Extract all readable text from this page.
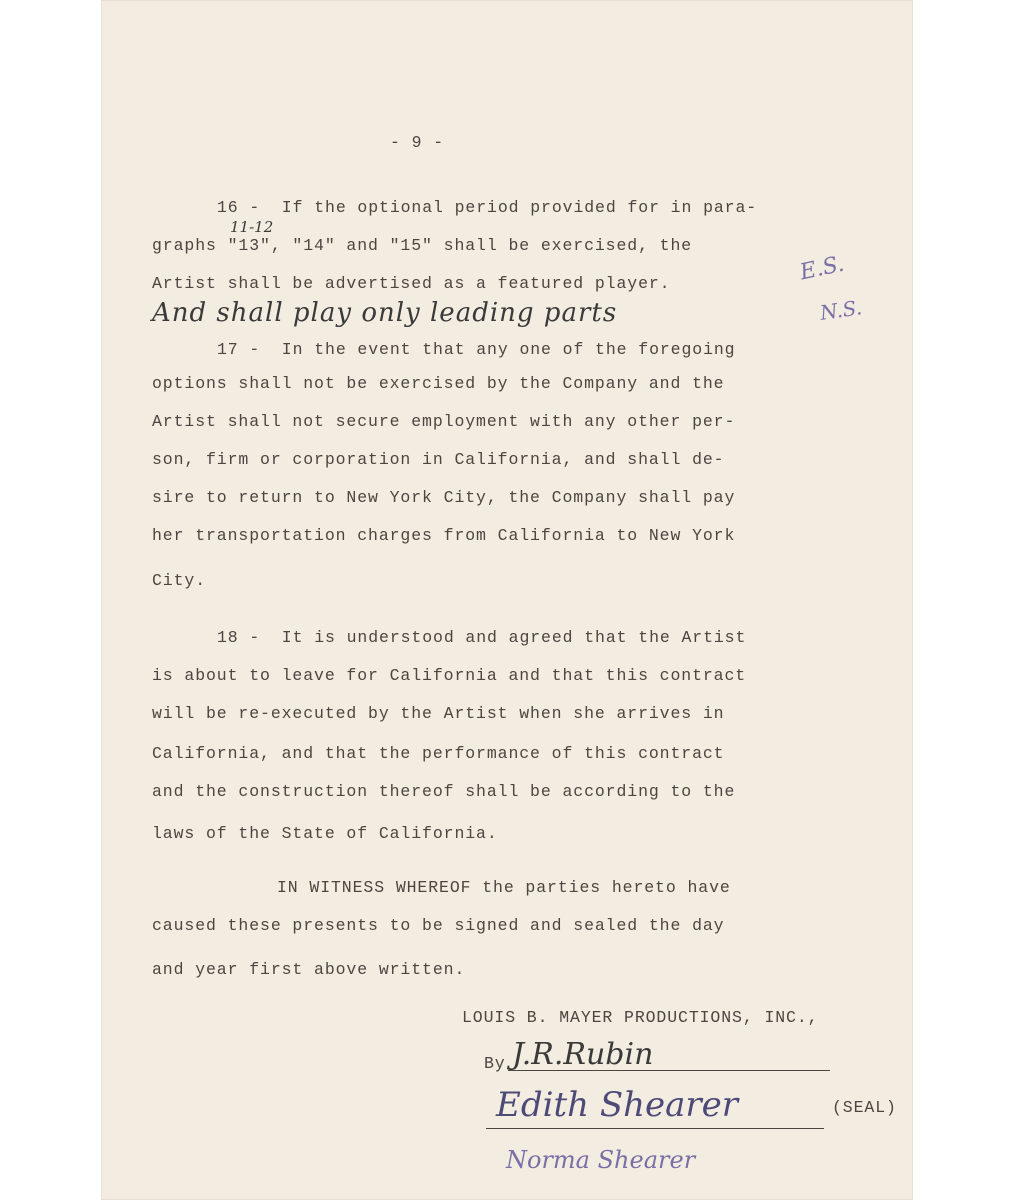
- 9 -
11-12
16 -  If the optional period provided for in para-
graphs "13", "14" and "15" shall be exercised, the
Artist shall be advertised as a featured player.
And shall play only leading parts
E.S.
N.S.
17 -  In the event that any one of the foregoing
options shall not be exercised by the Company and the
Artist shall not secure employment with any other per-
son, firm or corporation in California, and shall de-
sire to return to New York City, the Company shall pay
her transportation charges from California to New York
City.
18 -  It is understood and agreed that the Artist
is about to leave for California and that this contract
will be re-executed by the Artist when she arrives in
California, and that the performance of this contract
and the construction thereof shall be according to the
laws of the State of California.
IN WITNESS WHEREOF the parties hereto have
caused these presents to be signed and sealed the day
and year first above written.
LOUIS B. MAYER PRODUCTIONS, INC.,
By J.R.Rubin
Edith Shearer	(SEAL)
Norma Shearer
